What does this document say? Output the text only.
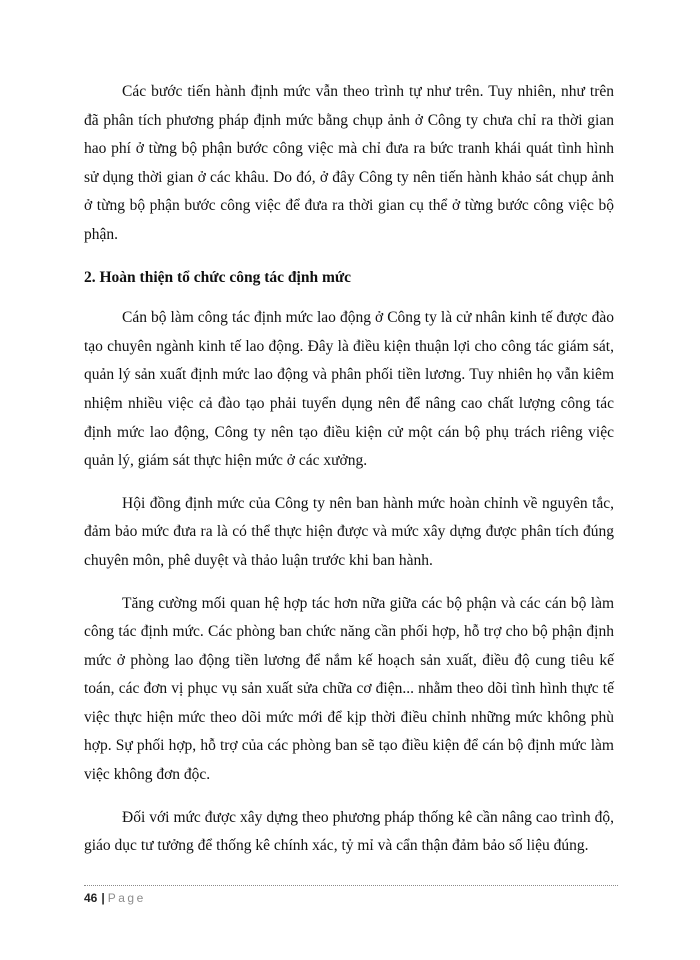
Các bước tiến hành định mức vẫn theo trình tự như trên. Tuy nhiên, như trên đã phân tích phương pháp định mức bằng chụp ảnh ở Công ty chưa chỉ ra thời gian hao phí ở từng bộ phận bước công việc mà chỉ đưa ra bức tranh khái quát tình hình sử dụng thời gian ở các khâu. Do đó, ở đây Công ty nên tiến hành khảo sát chụp ảnh ở từng bộ phận bước công việc để đưa ra thời gian cụ thể ở từng bước công việc bộ phận.

2. Hoàn thiện tổ chức công tác định mức

Cán bộ làm công tác định mức lao động ở Công ty là cử nhân kinh tế được đào tạo chuyên ngành kinh tế lao động. Đây là điều kiện thuận lợi cho công tác giám sát, quản lý sản xuất định mức lao động và phân phối tiền lương. Tuy nhiên họ vẫn kiêm nhiệm nhiều việc cả đào tạo phải tuyển dụng nên để nâng cao chất lượng công tác định mức lao động, Công ty nên tạo điều kiện cử một cán bộ phụ trách riêng việc quản lý, giám sát thực hiện mức ở các xưởng.

Hội đồng định mức của Công ty nên ban hành mức hoàn chỉnh về nguyên tắc, đảm bảo mức đưa ra là có thể thực hiện được và mức xây dựng được phân tích đúng chuyên môn, phê duyệt và thảo luận trước khi ban hành.

Tăng cường mối quan hệ hợp tác hơn nữa giữa các bộ phận và các cán bộ làm công tác định mức. Các phòng ban chức năng cần phối hợp, hỗ trợ cho bộ phận định mức ở phòng lao động tiền lương để nắm kế hoạch sản xuất, điều độ cung tiêu kế toán, các đơn vị phục vụ sản xuất sửa chữa cơ điện... nhằm theo dõi tình hình thực tế việc thực hiện mức theo dõi mức mới để kịp thời điều chỉnh những mức không phù hợp. Sự phối hợp, hỗ trợ của các phòng ban sẽ tạo điều kiện để cán bộ định mức làm việc không đơn độc.

Đối với mức được xây dựng theo phương pháp thống kê cần nâng cao trình độ, giáo dục tư tưởng để thống kê chính xác, tỷ mỉ và cẩn thận đảm bảo số liệu đúng.

46 | Page
